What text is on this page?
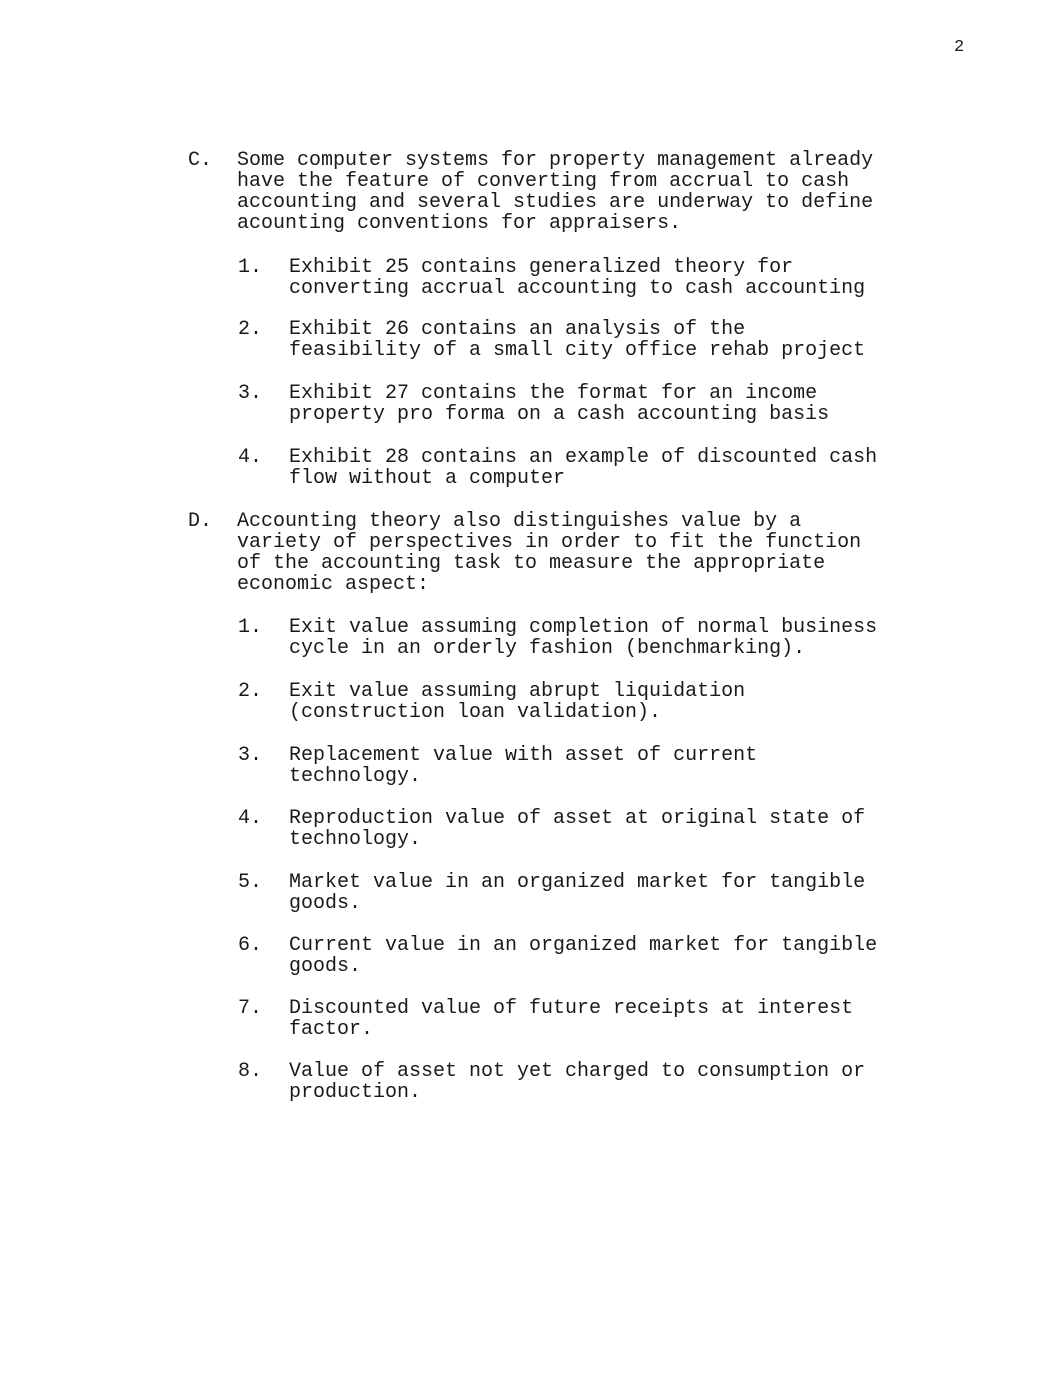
2
C. Some computer systems for property management already
have the feature of converting from accrual to cash
accounting and several studies are underway to define
acounting conventions for appraisers.
1. Exhibit 25 contains generalized theory for
converting accrual accounting to cash accounting
2. Exhibit 26 contains an analysis of the
feasibility of a small city office rehab project
3. Exhibit 27 contains the format for an income
property pro forma on a cash accounting basis
4. Exhibit 28 contains an example of discounted cash
flow without a computer
D. Accounting theory also distinguishes value by a
variety of perspectives in order to fit the function
of the accounting task to measure the appropriate
economic aspect:
1. Exit value assuming completion of normal business
cycle in an orderly fashion (benchmarking).
2. Exit value assuming abrupt liquidation
(construction loan validation).
3. Replacement value with asset of current
technology.
4. Reproduction value of asset at original state of
technology.
5. Market value in an organized market for tangible
goods.
6. Current value in an organized market for tangible
goods.
7. Discounted value of future receipts at interest
factor.
8. Value of asset not yet charged to consumption or
production.
